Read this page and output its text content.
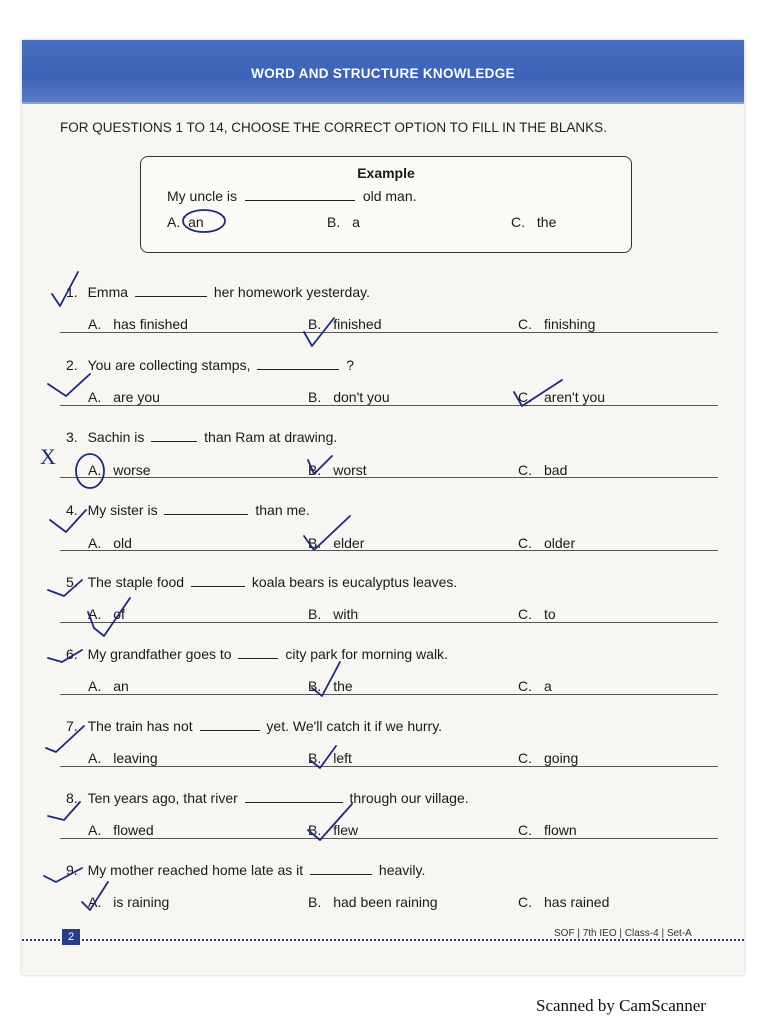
WORD AND STRUCTURE KNOWLEDGE
FOR QUESTIONS 1 TO 14, CHOOSE THE CORRECT OPTION TO FILL IN THE BLANKS.
Example
My uncle is	old man.
A. an	B. a	C. the
1. Emma	her homework yesterday.
A. has finished	B. finished	C. finishing
2. You are collecting stamps,	?
A. are you	B. don't you	C. aren't you
3. Sachin is	than Ram at drawing.
A. worse	B. worst	C. bad
4. My sister is	than me.
A. old	B. elder	C. older
5. The staple food	koala bears is eucalyptus leaves.
A. of	B. with	C. to
6. My grandfather goes to	city park for morning walk.
A. an	B. the	C. a
7. The train has not	yet. We'll catch it if we hurry.
A. leaving	B. left	C. going
8. Ten years ago, that river	through our village.
A. flowed	B. flew	C. flown
9. My mother reached home late as it	heavily.
A. is raining	B. had been raining	C. has rained
2	SOF | 7th IEO | Class-4 | Set-A
X
Scanned by CamScanner
